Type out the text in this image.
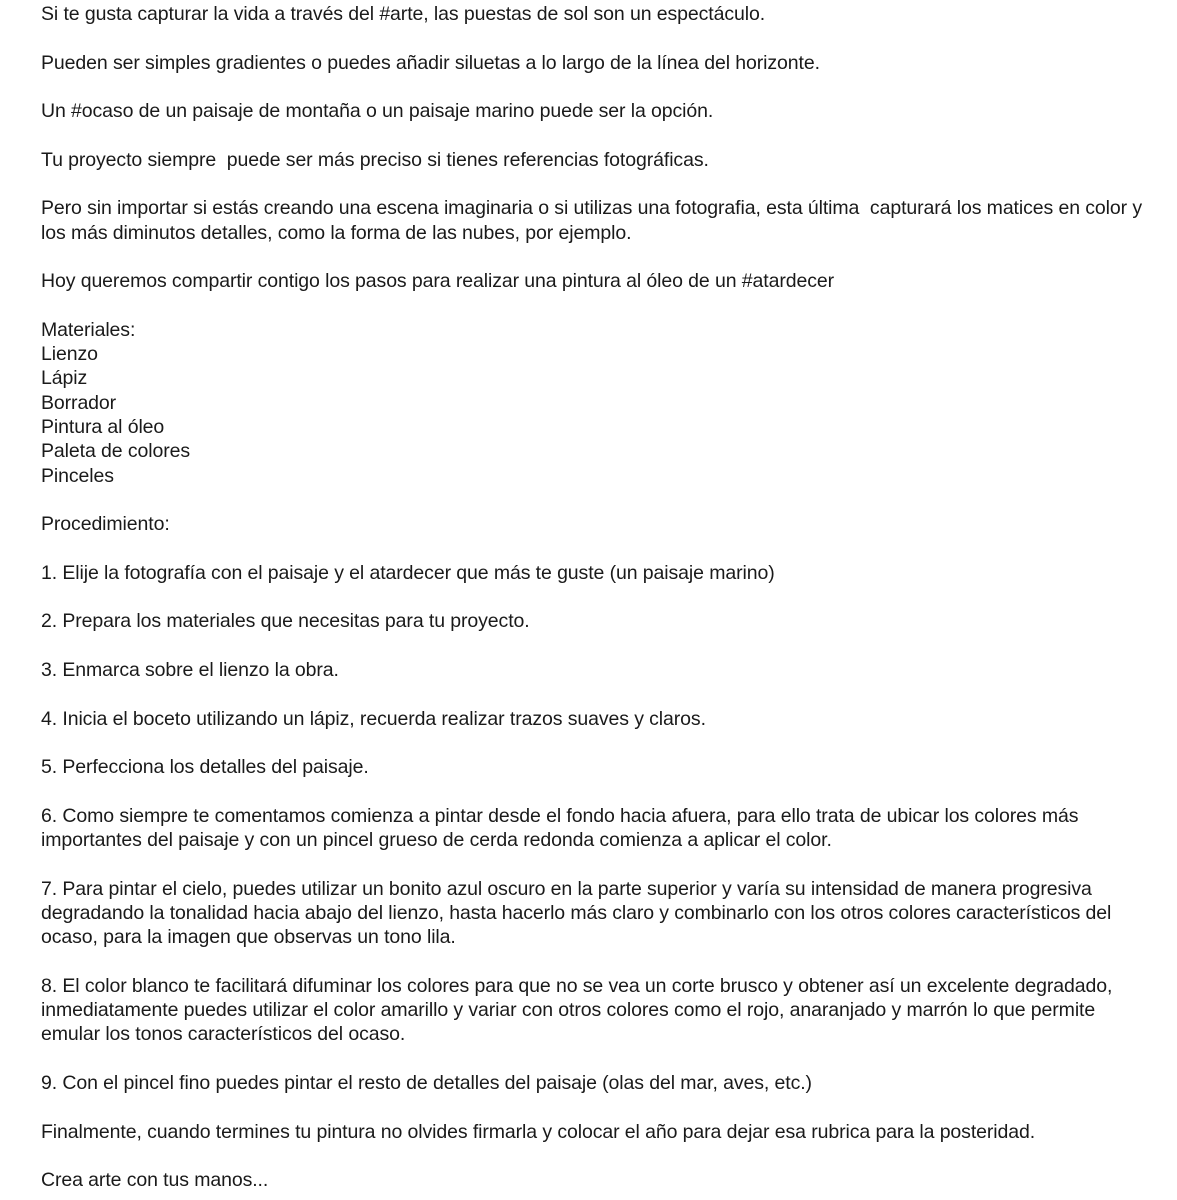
Si te gusta capturar la vida a través del #arte, las puestas de sol son un espectáculo.

Pueden ser simples gradientes o puedes añadir siluetas a lo largo de la línea del horizonte.

Un #ocaso de un paisaje de montaña o un paisaje marino puede ser la opción.

Tu proyecto siempre  puede ser más preciso si tienes referencias fotográficas.

Pero sin importar si estás creando una escena imaginaria o si utilizas una fotografia, esta última  capturará los matices en color y los más diminutos detalles, como la forma de las nubes, por ejemplo.

Hoy queremos compartir contigo los pasos para realizar una pintura al óleo de un #atardecer

Materiales:

Lienzo

Lápiz

Borrador

Pintura al óleo

Paleta de colores

Pinceles

Procedimiento:

1. Elije la fotografía con el paisaje y el atardecer que más te guste (un paisaje marino)

2. Prepara los materiales que necesitas para tu proyecto.

3. Enmarca sobre el lienzo la obra.

4. Inicia el boceto utilizando un lápiz, recuerda realizar trazos suaves y claros.

5. Perfecciona los detalles del paisaje.

6. Como siempre te comentamos comienza a pintar desde el fondo hacia afuera, para ello trata de ubicar los colores más importantes del paisaje y con un pincel grueso de cerda redonda comienza a aplicar el color.

7. Para pintar el cielo, puedes utilizar un bonito azul oscuro en la parte superior y varía su intensidad de manera progresiva degradando la tonalidad hacia abajo del lienzo, hasta hacerlo más claro y combinarlo con los otros colores característicos del ocaso, para la imagen que observas un tono lila.

8. El color blanco te facilitará difuminar los colores para que no se vea un corte brusco y obtener así un excelente degradado, inmediatamente puedes utilizar el color amarillo y variar con otros colores como el rojo, anaranjado y marrón lo que permite emular los tonos característicos del ocaso.

9. Con el pincel fino puedes pintar el resto de detalles del paisaje (olas del mar, aves, etc.)

Finalmente, cuando termines tu pintura no olvides firmarla y colocar el año para dejar esa rubrica para la posteridad.

Crea arte con tus manos...
